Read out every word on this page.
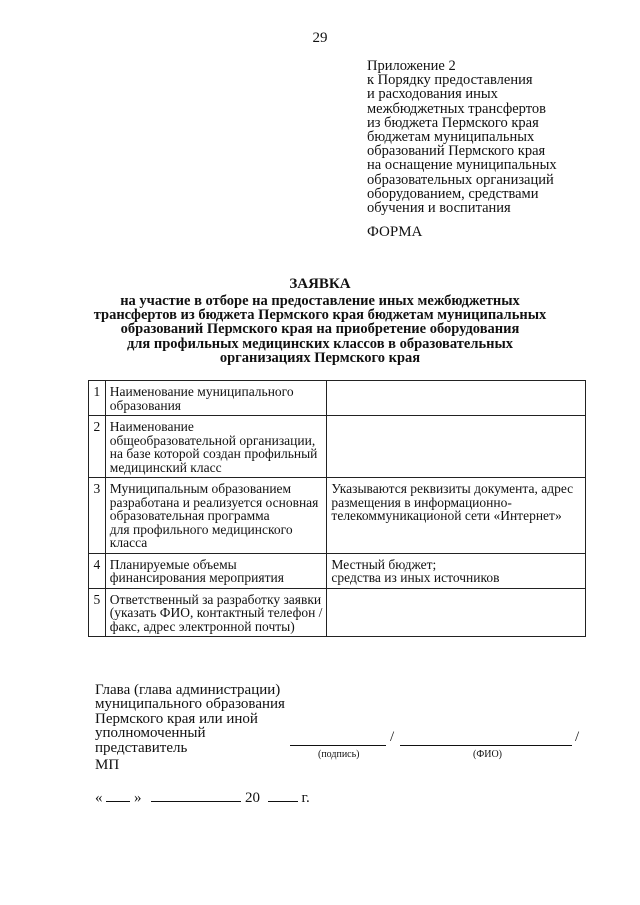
29
Приложение 2
к Порядку предоставления
и расходования иных
межбюджетных трансфертов
из бюджета Пермского края
бюджетам муниципальных
образований Пермского края
на оснащение муниципальных
образовательных организаций
оборудованием, средствами
обучения и воспитания
ФОРМА
ЗАЯВКА
на участие в отборе на предоставление иных межбюджетных
трансфертов из бюджета Пермского края бюджетам муниципальных
образований Пермского края на приобретение оборудования
для профильных медицинских классов в образовательных
организациях Пермского края
1	Наименование муниципального
образования	

2	Наименование
общеобразовательной организации,
на базе которой создан профильный
медицинский класс	

3	Муниципальным образованием
разработана и реализуется основная
образовательная программа
для профильного медицинского
класса	Указываются реквизиты документа, адрес
размещения в информационно-
телекоммуникационой сети «Интернет»

4	Планируемые объемы
финансирования мероприятия	Местный бюджет;
средства из иных источников

5	Ответственный за разработку заявки
(указать ФИО, контактный телефон /
факс, адрес электронной почты)	

Глава (глава администрации)
муниципального образования
Пермского края или иной
уполномоченный
представитель
/	/
(подпись)	(ФИО)
МП
« »	20	г.
